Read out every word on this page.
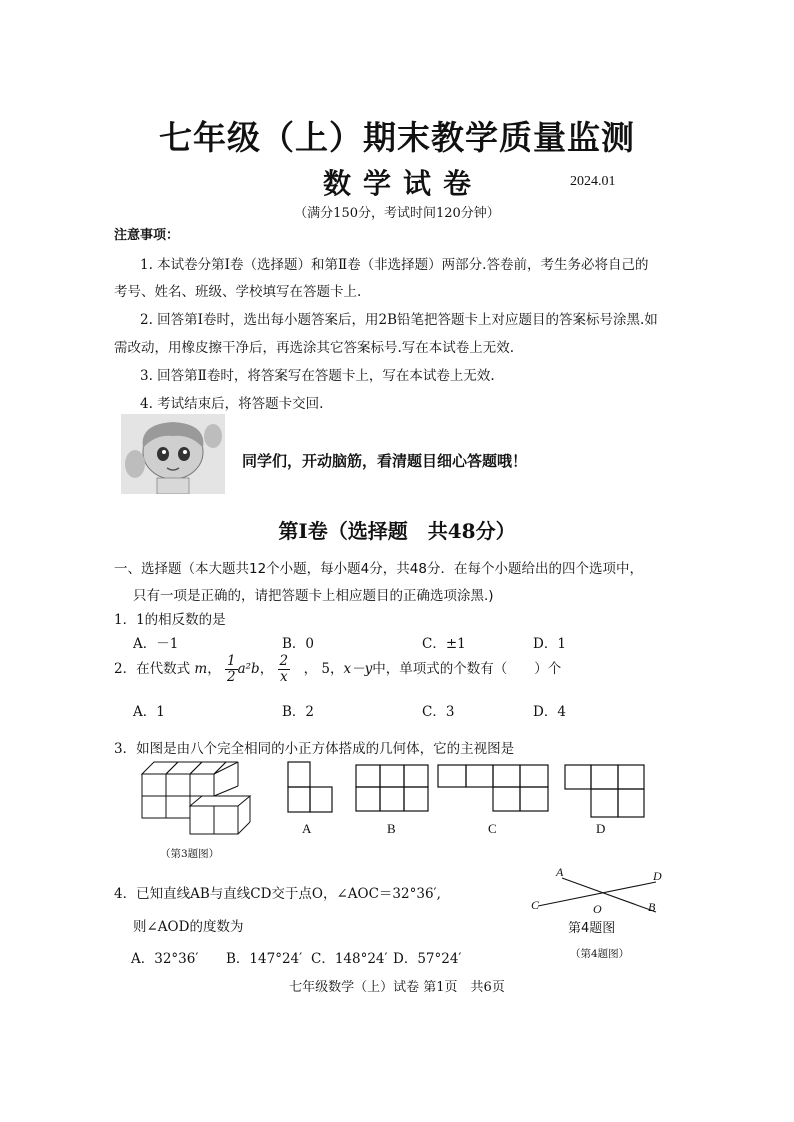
七年级（上）期末教学质量监测
数学试卷	2024.01
（满分150分，考试时间120分钟）
注意事项：
1. 本试卷分第Ⅰ卷（选择题）和第Ⅱ卷（非选择题）两部分.答卷前，考生务必将自己的
考号、姓名、班级、学校填写在答题卡上.
2. 回答第Ⅰ卷时，选出每小题答案后，用2B铅笔把答题卡上对应题目的答案标号涂黑.如
需改动，用橡皮擦干净后，再选涂其它答案标号.写在本试卷上无效.
3. 回答第Ⅱ卷时，将答案写在答题卡上，写在本试卷上无效.
4. 考试结束后，将答题卡交回.
同学们，开动脑筋，看清题目细心答题哦！
第Ⅰ卷（选择题　共48分）
一、选择题（本大题共12个小题，每小题4分，共48分．在每个小题给出的四个选项中，
只有一项是正确的，请把答题卡上相应题目的正确选项涂黑.)
1．1的相反数的是
A．－1	B．0	C．±1	D．1
2．在代数式 m， $\frac{1}{2} a^2b$， $\frac{2}{x}$ 　， 5，x－y中，单项式的个数有（　　）个
A．1	B．2	C．3	D．4
3．如图是由八个完全相同的小正方体搭成的几何体，它的主视图是
（第3题图）
A	B	C	D
4．已知直线AB与直线CD交于点O，∠AOC＝32°36′,
则∠AOD的度数为
A．32°36′ B．147°24′ C．148°24′ D．57°24′
A	D
C	O	B
第4题图
（第4题图）
七年级数学（上）试卷 第1页　共6页
